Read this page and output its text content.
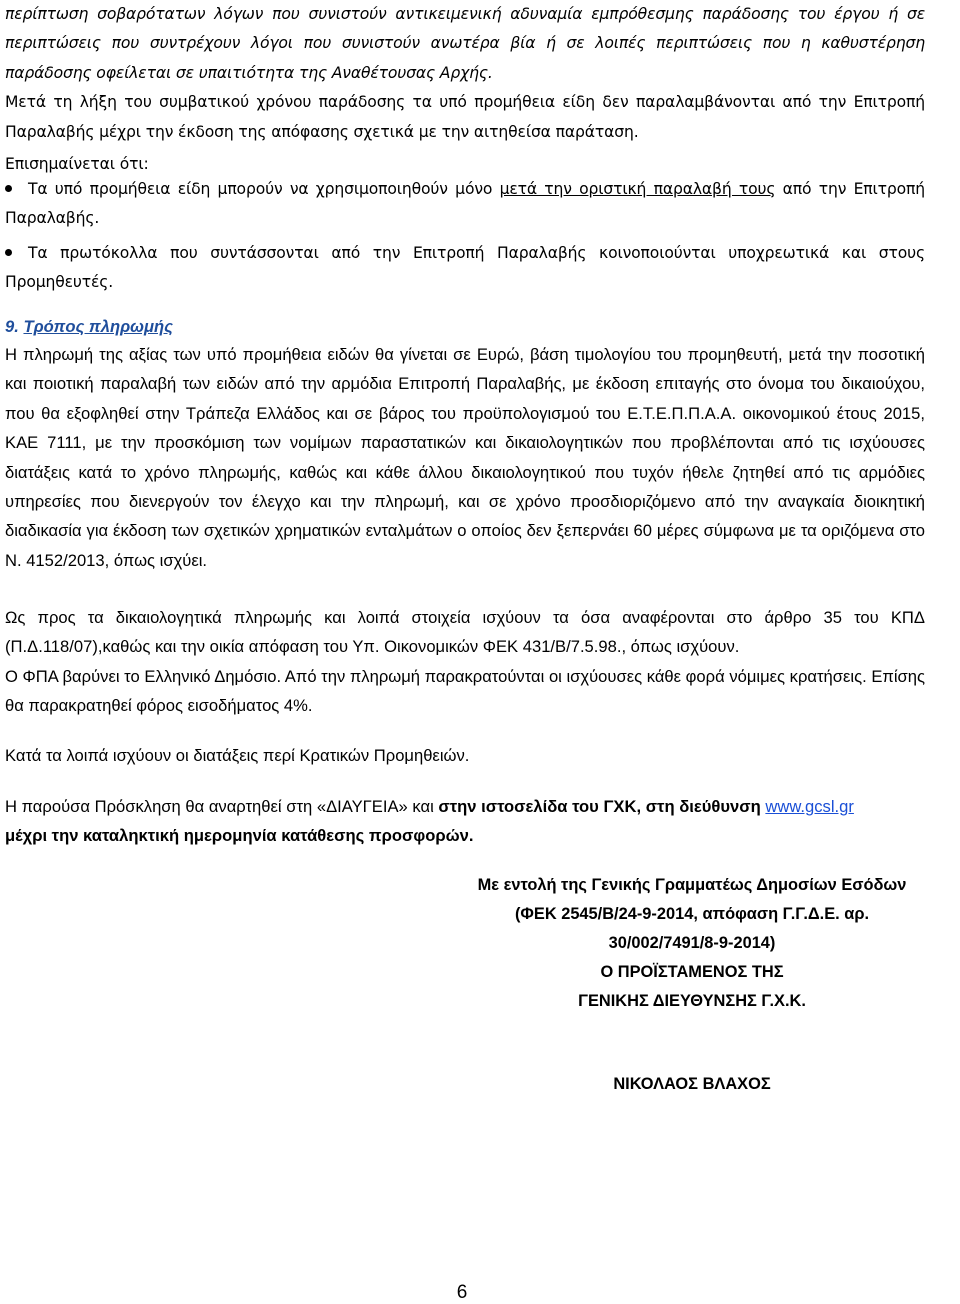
περίπτωση σοβαρότατων λόγων που συνιστούν αντικειμενική αδυναμία εμπρόθεσμης παράδοσης του έργου ή σε περιπτώσεις που συντρέχουν λόγοι που συνιστούν ανωτέρα βία ή σε λοιπές περιπτώσεις που η καθυστέρηση παράδοσης οφείλεται σε υπαιτιότητα της Αναθέτουσας Αρχής.
Μετά τη λήξη του συμβατικού χρόνου παράδοσης τα υπό προμήθεια είδη δεν παραλαμβάνονται από την Επιτροπή Παραλαβής μέχρι την έκδοση της απόφασης σχετικά με την αιτηθείσα παράταση.
Επισημαίνεται ότι:
Τα υπό προμήθεια είδη μπορούν να χρησιμοποιηθούν μόνο μετά την οριστική παραλαβή τους από την Επιτροπή Παραλαβής.
Τα πρωτόκολλα που συντάσσονται από την Επιτροπή Παραλαβής κοινοποιούνται υποχρεωτικά και στους Προμηθευτές.
9. Τρόπος πληρωμής
Η πληρωμή της αξίας των υπό προμήθεια ειδών θα γίνεται σε Ευρώ, βάση τιμολογίου του προμηθευτή, μετά την ποσοτική και ποιοτική παραλαβή των ειδών από την αρμόδια Επιτροπή Παραλαβής, με έκδοση επιταγής στο όνομα του δικαιούχου, που θα εξοφληθεί στην Τράπεζα Ελλάδος και σε βάρος του προϋπολογισμού του Ε.Τ.Ε.Π.Π.Α.Α. οικονομικού έτους 2015, ΚΑΕ 7111, με την προσκόμιση των νομίμων παραστατικών και δικαιολογητικών που προβλέπονται από τις ισχύουσες διατάξεις κατά το χρόνο πληρωμής, καθώς και κάθε άλλου δικαιολογητικού που τυχόν ήθελε ζητηθεί από τις αρμόδιες υπηρεσίες που διενεργούν τον έλεγχο και την πληρωμή, και σε χρόνο προσδιοριζόμενο από την αναγκαία διοικητική διαδικασία για έκδοση των σχετικών χρηματικών ενταλμάτων ο οποίος δεν ξεπερνάει 60 μέρες σύμφωνα με τα οριζόμενα στο Ν. 4152/2013, όπως ισχύει.
Ως προς τα δικαιολογητικά πληρωμής και λοιπά στοιχεία ισχύουν τα όσα αναφέρονται στο άρθρο 35 του ΚΠΔ (Π.Δ.118/07),καθώς και την οικία απόφαση του Υπ. Οικονομικών ΦΕΚ 431/Β/7.5.98., όπως ισχύουν.
Ο ΦΠΑ βαρύνει το Ελληνικό Δημόσιο. Από την πληρωμή παρακρατούνται οι ισχύουσες κάθε φορά νόμιμες κρατήσεις. Επίσης θα παρακρατηθεί φόρος εισοδήματος 4%.
Κατά τα λοιπά ισχύουν οι διατάξεις περί Κρατικών Προμηθειών.
Η παρούσα Πρόσκληση θα αναρτηθεί στη «ΔΙΑΥΓΕΙΑ» και στην ιστοσελίδα του ΓΧΚ, στη διεύθυνση www.gcsl.gr
μέχρι την καταληκτική ημερομηνία κατάθεσης προσφορών.
Με εντολή της Γενικής Γραμματέως Δημοσίων Εσόδων
(ΦΕΚ 2545/Β/24-9-2014, απόφαση Γ.Γ.Δ.Ε. αρ.
30/002/7491/8-9-2014)
Ο ΠΡΟΪΣΤΑΜΕΝΟΣ ΤΗΣ
ΓΕΝΙΚΗΣ ΔΙΕΥΘΥΝΣΗΣ Γ.Χ.Κ.
ΝΙΚΟΛΑΟΣ ΒΛΑΧΟΣ
6
